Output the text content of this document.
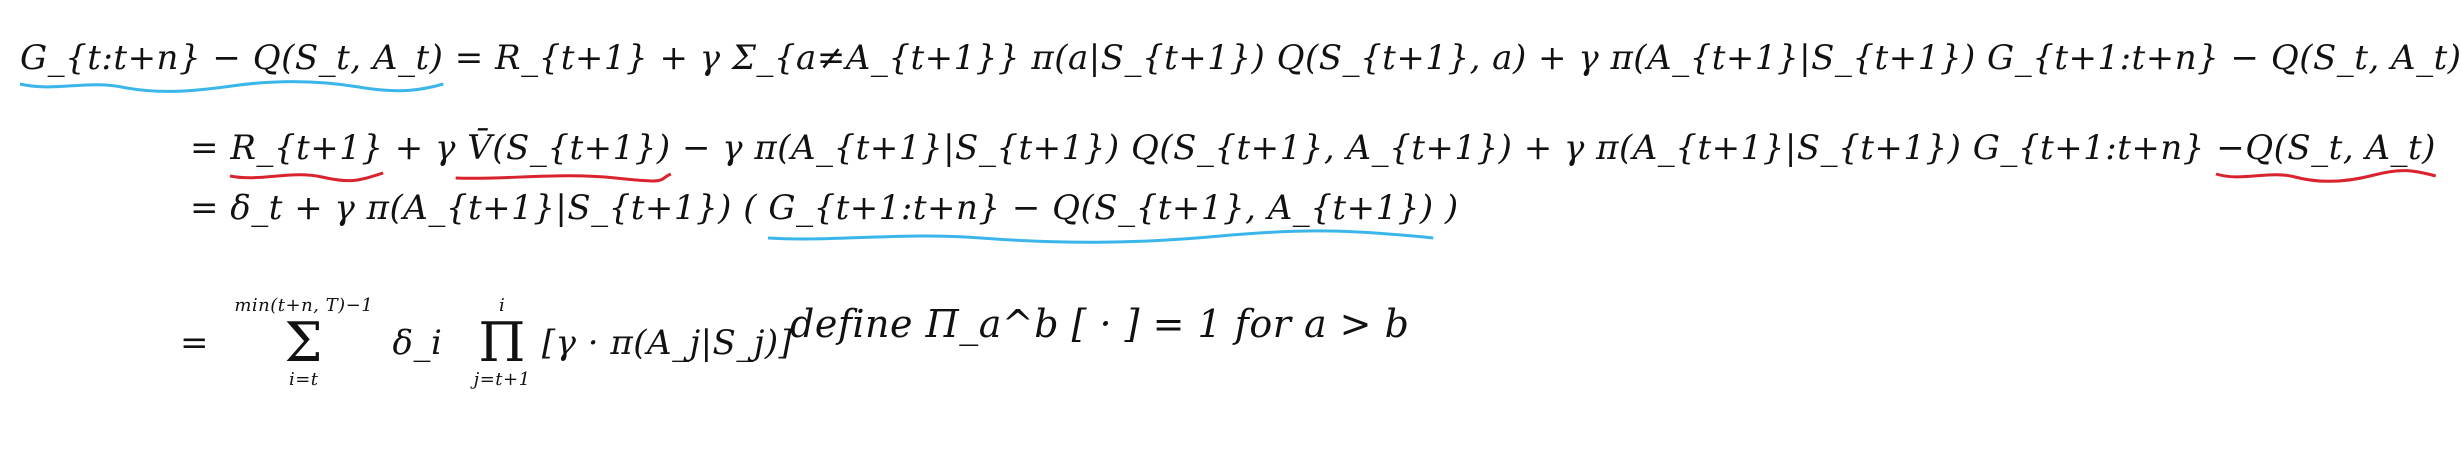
G_{t:t+n} − Q(S_t, A_t) = R_{t+1} + γ Σ_{a≠A_{t+1}} π(a|S_{t+1}) Q(S_{t+1}, a) + γ π(A_{t+1}|S_{t+1}) G_{t+1:t+n} − Q(S_t, A_t)
= R_{t+1} + γ V̄(S_{t+1}) − γ π(A_{t+1}|S_{t+1}) Q(S_{t+1}, A_{t+1}) + γ π(A_{t+1}|S_{t+1}) G_{t+1:t+n} −Q(S_t, A_t)
= δ_t + γ π(A_{t+1}|S_{t+1}) ( G_{t+1:t+n} − Q(S_{t+1}, A_{t+1}) )
=
min(t+n, T)−1
Σ
i=t
δ_i
i
Π
j=t+1
[γ · π(A_j|S_j)]
define Π_a^b [ · ] = 1 for a > b
